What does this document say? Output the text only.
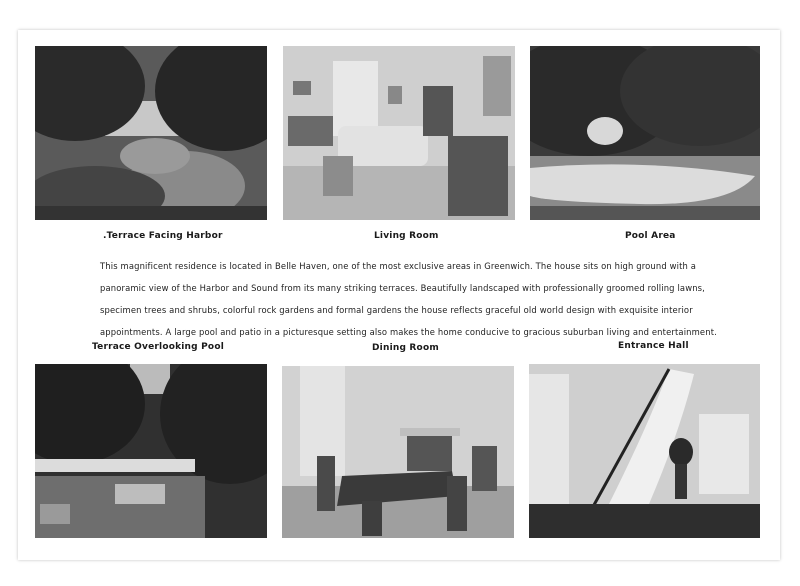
.Terrace Facing Harbor	Living Room	Pool Area
This magnificent residence is located in Belle Haven, one of the most exclusive areas in Greenwich. The house sits on high ground with a
panoramic view of the Harbor and Sound from its many striking terraces. Beautifully landscaped with professionally groomed rolling lawns,
specimen trees and shrubs, colorful rock gardens and formal gardens the house reflects graceful old world design with exquisite interior
appointments. A large pool and patio in a picturesque setting also makes the home conducive to gracious suburban living and entertainment.
Terrace Overlooking Pool	Dining Room	Entrance Hall
